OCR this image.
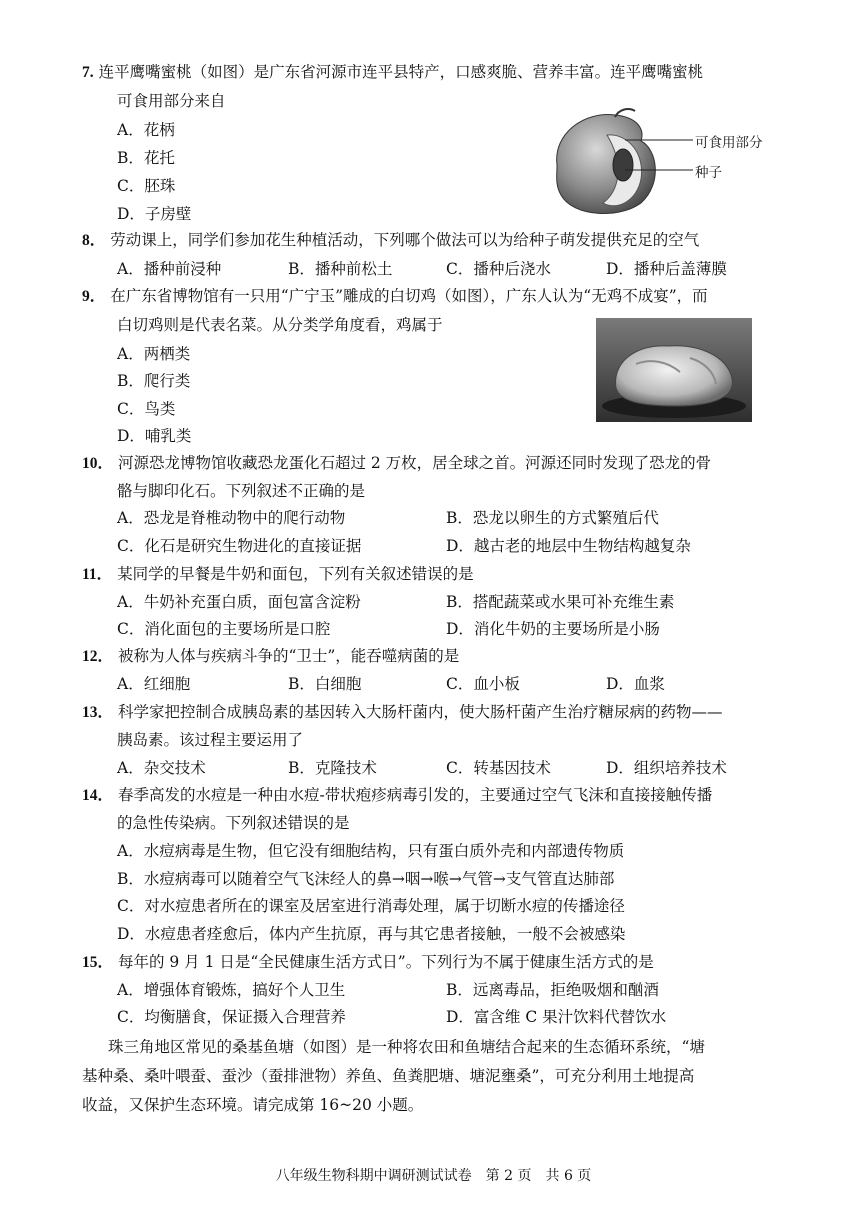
7. 连平鹰嘴蜜桃（如图）是广东省河源市连平县特产，口感爽脆、营养丰富。连平鹰嘴蜜桃
可食用部分来自
A．花柄
B．花托
C．胚珠
D．子房壁
可食用部分
种子
8． 劳动课上，同学们参加花生种植活动，下列哪个做法可以为给种子萌发提供充足的空气
A．播种前浸种	B．播种前松土	C．播种后浇水	D．播种后盖薄膜
9． 在广东省博物馆有一只用“广宁玉”雕成的白切鸡（如图），广东人认为“无鸡不成宴”，而
白切鸡则是代表名菜。从分类学角度看，鸡属于
A．两栖类
B．爬行类
C．鸟类
D．哺乳类
10． 河源恐龙博物馆收藏恐龙蛋化石超过 2 万枚，居全球之首。河源还同时发现了恐龙的骨
骼与脚印化石。下列叙述不正确的是
A．恐龙是脊椎动物中的爬行动物	B．恐龙以卵生的方式繁殖后代
C．化石是研究生物进化的直接证据	D．越古老的地层中生物结构越复杂
11． 某同学的早餐是牛奶和面包，下列有关叙述错误的是
A．牛奶补充蛋白质，面包富含淀粉	B．搭配蔬菜或水果可补充维生素
C．消化面包的主要场所是口腔	D．消化牛奶的主要场所是小肠
12． 被称为人体与疾病斗争的“卫士”，能吞噬病菌的是
A．红细胞	B．白细胞	C．血小板	D．血浆
13． 科学家把控制合成胰岛素的基因转入大肠杆菌内，使大肠杆菌产生治疗糖尿病的药物——
胰岛素。该过程主要运用了
A．杂交技术	B．克隆技术	C．转基因技术	D．组织培养技术
14． 春季高发的水痘是一种由水痘-带状疱疹病毒引发的，主要通过空气飞沫和直接接触传播
的急性传染病。下列叙述错误的是
A．水痘病毒是生物，但它没有细胞结构，只有蛋白质外壳和内部遗传物质
B．水痘病毒可以随着空气飞沫经人的鼻→咽→喉→气管→支气管直达肺部
C．对水痘患者所在的课室及居室进行消毒处理，属于切断水痘的传播途径
D．水痘患者痊愈后，体内产生抗原，再与其它患者接触，一般不会被感染
15． 每年的 9 月 1 日是“全民健康生活方式日”。下列行为不属于健康生活方式的是
A．增强体育锻炼，搞好个人卫生	B．远离毒品，拒绝吸烟和酗酒
C．均衡膳食，保证摄入合理营养	D．富含维 C 果汁饮料代替饮水
珠三角地区常见的桑基鱼塘（如图）是一种将农田和鱼塘结合起来的生态循环系统，“塘
基种桑、桑叶喂蚕、蚕沙（蚕排泄物）养鱼、鱼粪肥塘、塘泥壅桑”，可充分利用土地提高
收益，又保护生态环境。请完成第 16~20 小题。
八年级生物科期中调研测试试卷　第 2 页　共 6 页
